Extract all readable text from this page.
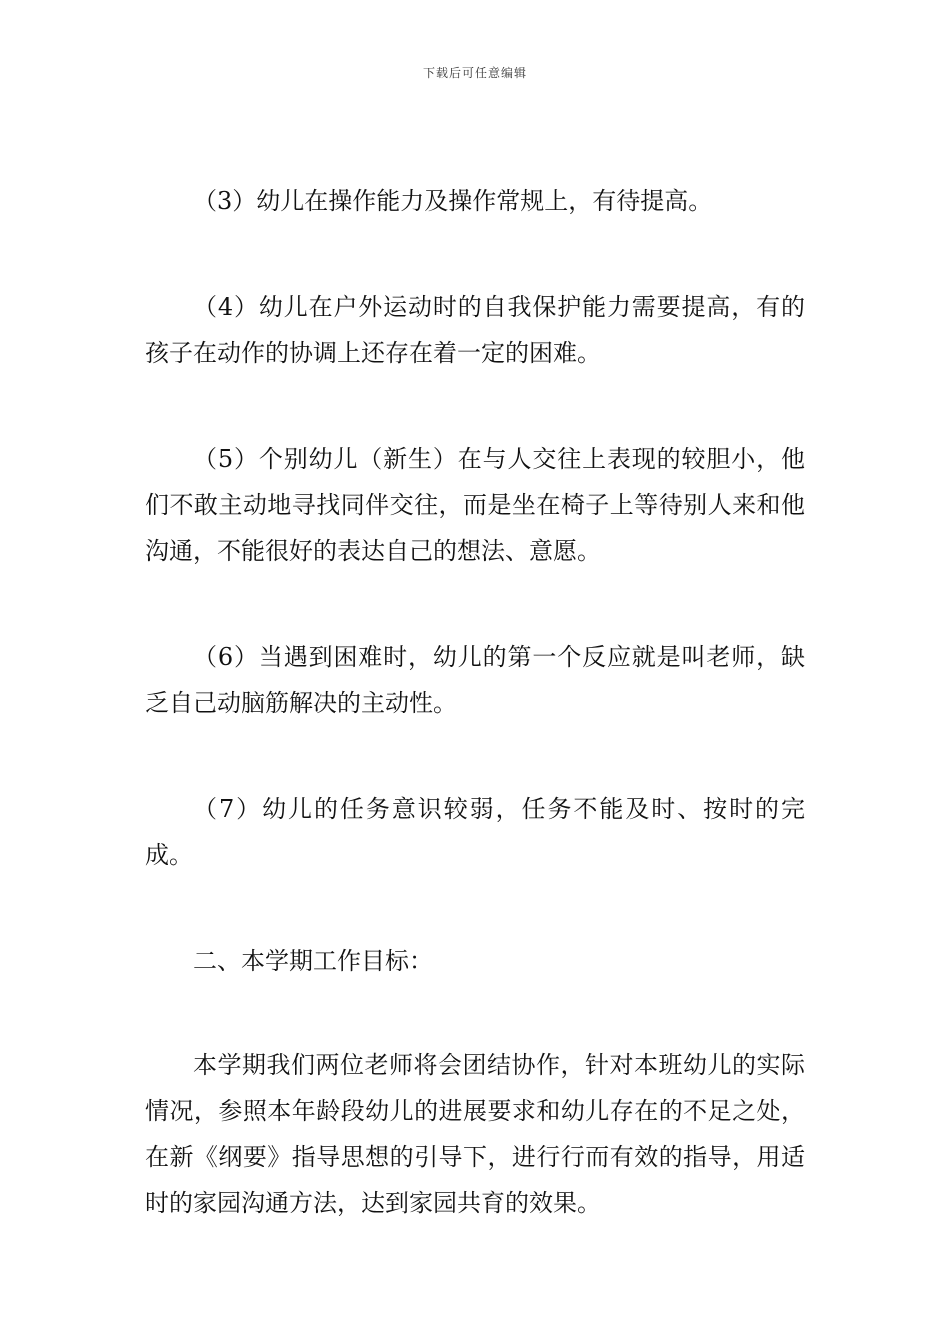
下载后可任意编辑

（3）幼儿在操作能力及操作常规上，有待提高。

（4）幼儿在户外运动时的自我保护能力需要提高，有的孩子在动作的协调上还存在着一定的困难。

（5）个别幼儿（新生）在与人交往上表现的较胆小，他们不敢主动地寻找同伴交往，而是坐在椅子上等待别人来和他沟通，不能很好的表达自己的想法、意愿。

（6）当遇到困难时，幼儿的第一个反应就是叫老师，缺乏自己动脑筋解决的主动性。

（7）幼儿的任务意识较弱，任务不能及时、按时的完成。

二、本学期工作目标：

本学期我们两位老师将会团结协作，针对本班幼儿的实际情况，参照本年龄段幼儿的进展要求和幼儿存在的不足之处，在新《纲要》指导思想的引导下，进行行而有效的指导，用适时的家园沟通方法，达到家园共育的效果。
